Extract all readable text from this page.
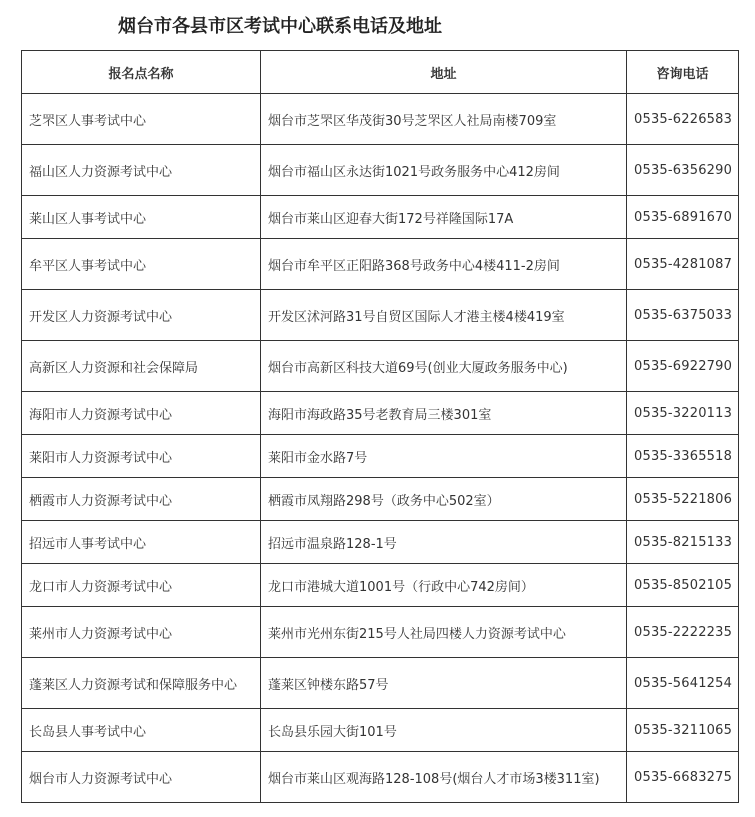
烟台市各县市区考试中心联系电话及地址
报名点名称	地址	咨询电话
芝罘区人事考试中心	烟台市芝罘区华茂街30号芝罘区人社局南楼709室	0535-6226583
福山区人力资源考试中心	烟台市福山区永达街1021号政务服务中心412房间	0535-6356290
莱山区人事考试中心	烟台市莱山区迎春大街172号祥隆国际17A	0535-6891670
牟平区人事考试中心	烟台市牟平区正阳路368号政务中心4楼411-2房间	0535-4281087
开发区人力资源考试中心	开发区沭河路31号自贸区国际人才港主楼4楼419室	0535-6375033
高新区人力资源和社会保障局	烟台市高新区科技大道69号(创业大厦政务服务中心)	0535-6922790
海阳市人力资源考试中心	海阳市海政路35号老教育局三楼301室	0535-3220113
莱阳市人力资源考试中心	莱阳市金水路7号	0535-3365518
栖霞市人力资源考试中心	栖霞市凤翔路298号（政务中心502室）	0535-5221806
招远市人事考试中心	招远市温泉路128-1号	0535-8215133
龙口市人力资源考试中心	龙口市港城大道1001号（行政中心742房间）	0535-8502105
莱州市人力资源考试中心	莱州市光州东街215号人社局四楼人力资源考试中心	0535-2222235
蓬莱区人力资源考试和保障服务中心	蓬莱区钟楼东路57号	0535-5641254
长岛县人事考试中心	长岛县乐园大街101号	0535-3211065
烟台市人力资源考试中心	烟台市莱山区观海路128-108号(烟台人才市场3楼311室)	0535-6683275
